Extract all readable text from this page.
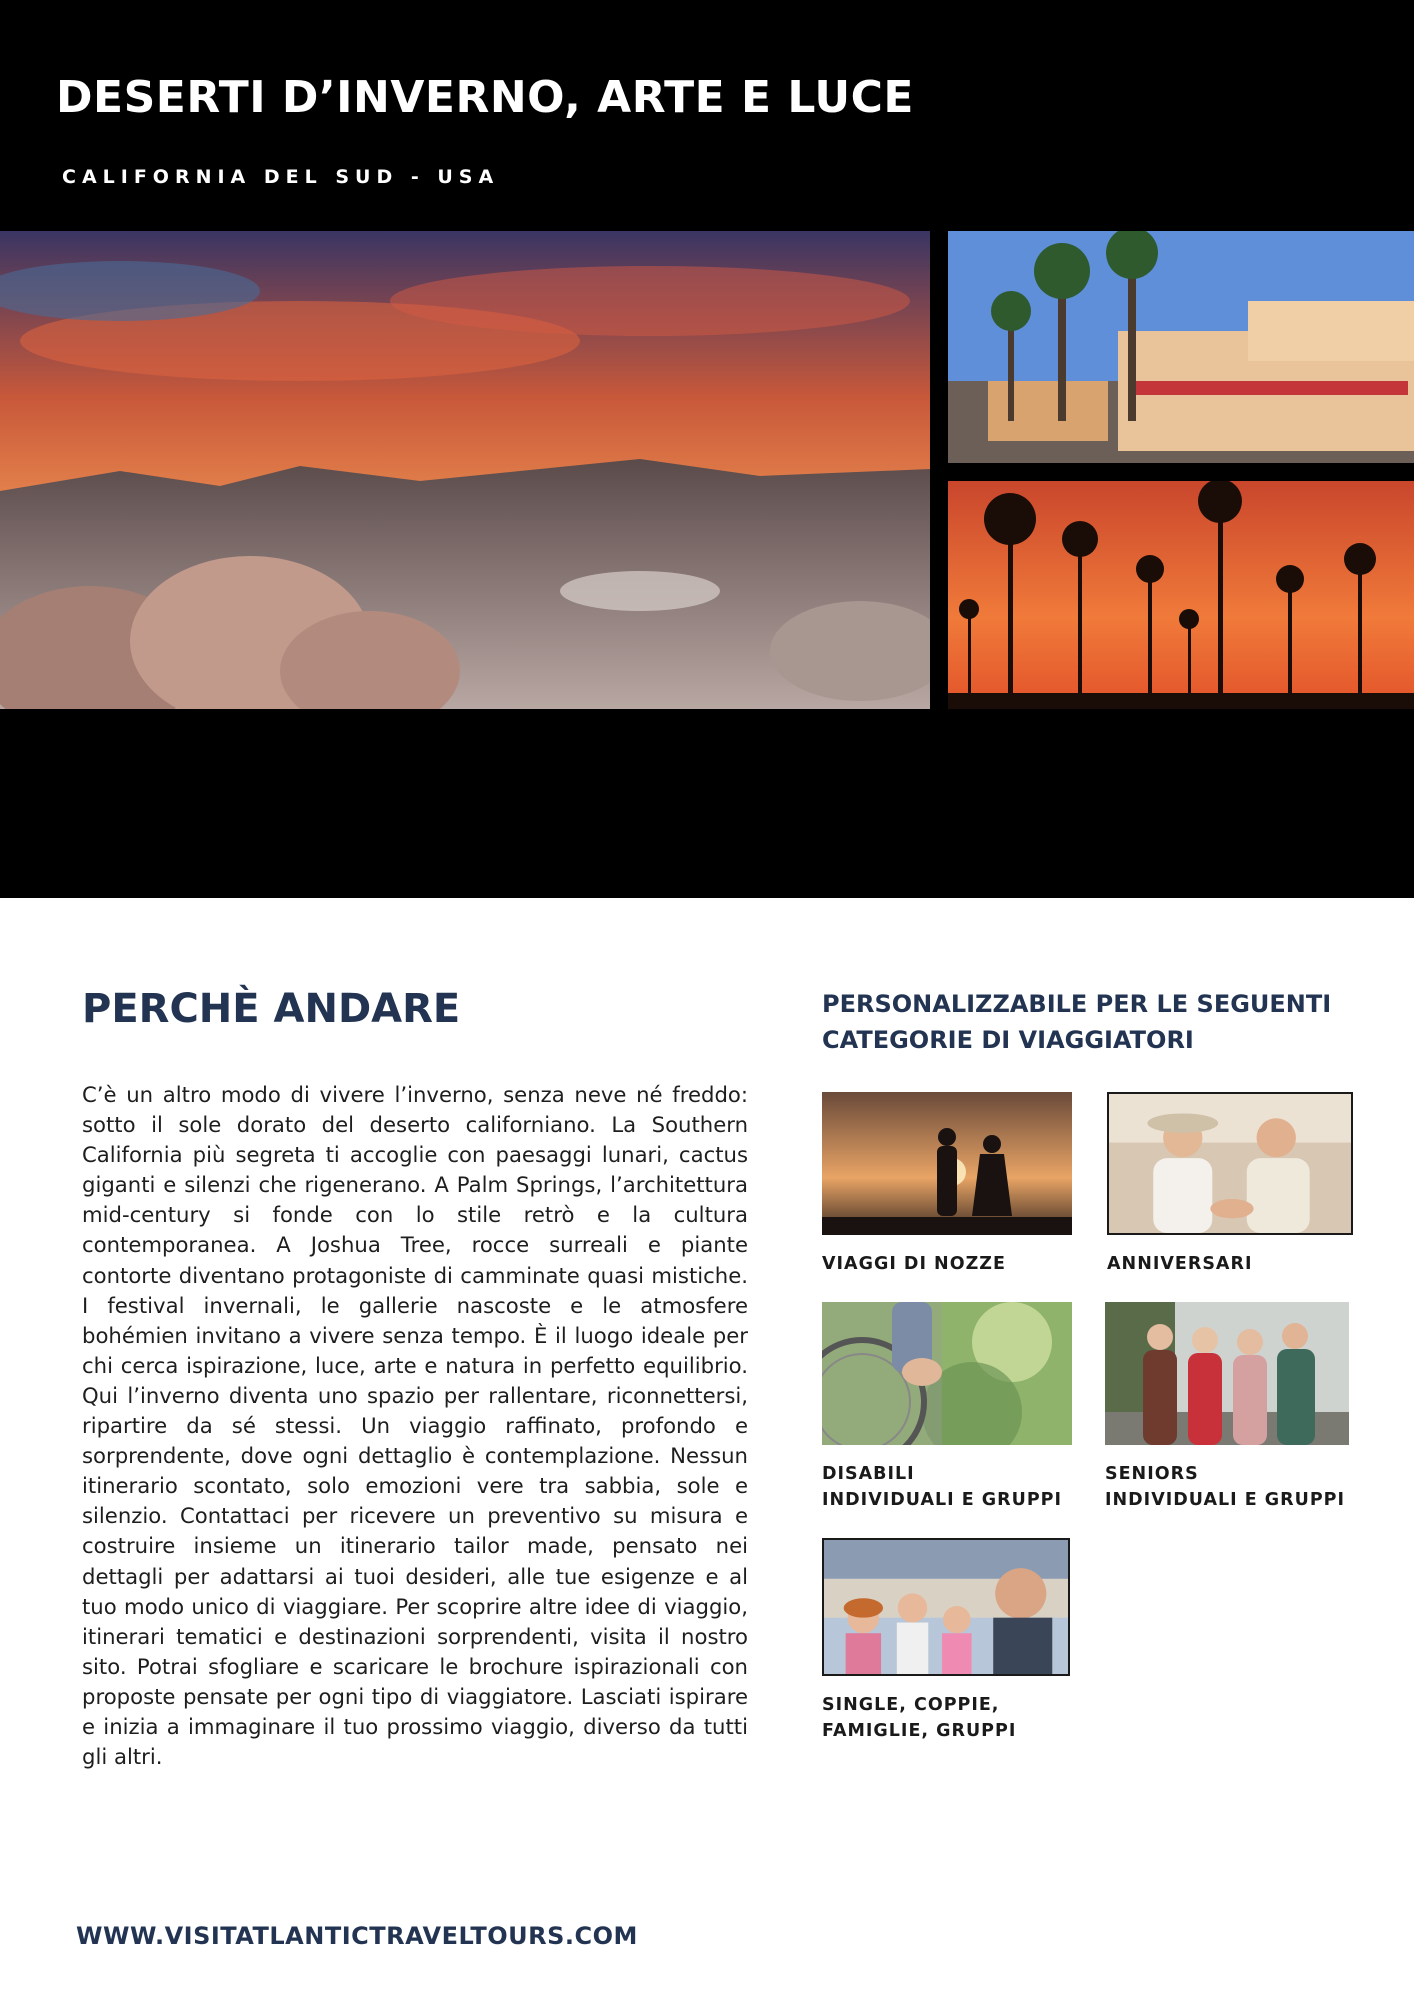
DESERTI D’INVERNO, ARTE E LUCE
CALIFORNIA DEL SUD - USA
PERCHÈ ANDARE

C’è un altro modo di vivere l’inverno, senza neve né freddo: sotto il sole dorato del deserto californiano. La Southern California più segreta ti accoglie con paesaggi lunari, cactus giganti e silenzi che rigenerano. A Palm Springs, l’architettura mid-century si fonde con lo stile retrò e la cultura contemporanea. A Joshua Tree, rocce surreali e piante contorte diventano protagoniste di camminate quasi mistiche. I festival invernali, le gallerie nascoste e le atmosfere bohémien invitano a vivere senza tempo. È il luogo ideale per chi cerca ispirazione, luce, arte e natura in perfetto equilibrio. Qui l’inverno diventa uno spazio per rallentare, riconnettersi, ripartire da sé stessi. Un viaggio raffinato, profondo e sorprendente, dove ogni dettaglio è contemplazione. Nessun itinerario scontato, solo emozioni vere tra sabbia, sole e silenzio. Contattaci per ricevere un preventivo su misura e costruire insieme un itinerario tailor made, pensato nei dettagli per adattarsi ai tuoi desideri, alle tue esigenze e al tuo modo unico di viaggiare. Per scoprire altre idee di viaggio, itinerari tematici e destinazioni sorprendenti, visita il nostro sito. Potrai sfogliare e scaricare le brochure ispirazionali con proposte pensate per ogni tipo di viaggiatore. Lasciati ispirare e inizia a immaginare il tuo prossimo viaggio, diverso da tutti gli altri.

PERSONALIZZABILE PER LE SEGUENTI
CATEGORIE DI VIAGGIATORI
VIAGGI DI NOZZE	ANNIVERSARI
DISABILI
INDIVIDUALI E GRUPPI
SENIORS
INDIVIDUALI E GRUPPI
SINGLE, COPPIE,
FAMIGLIE, GRUPPI
WWW.VISITATLANTICTRAVELTOURS.COM
